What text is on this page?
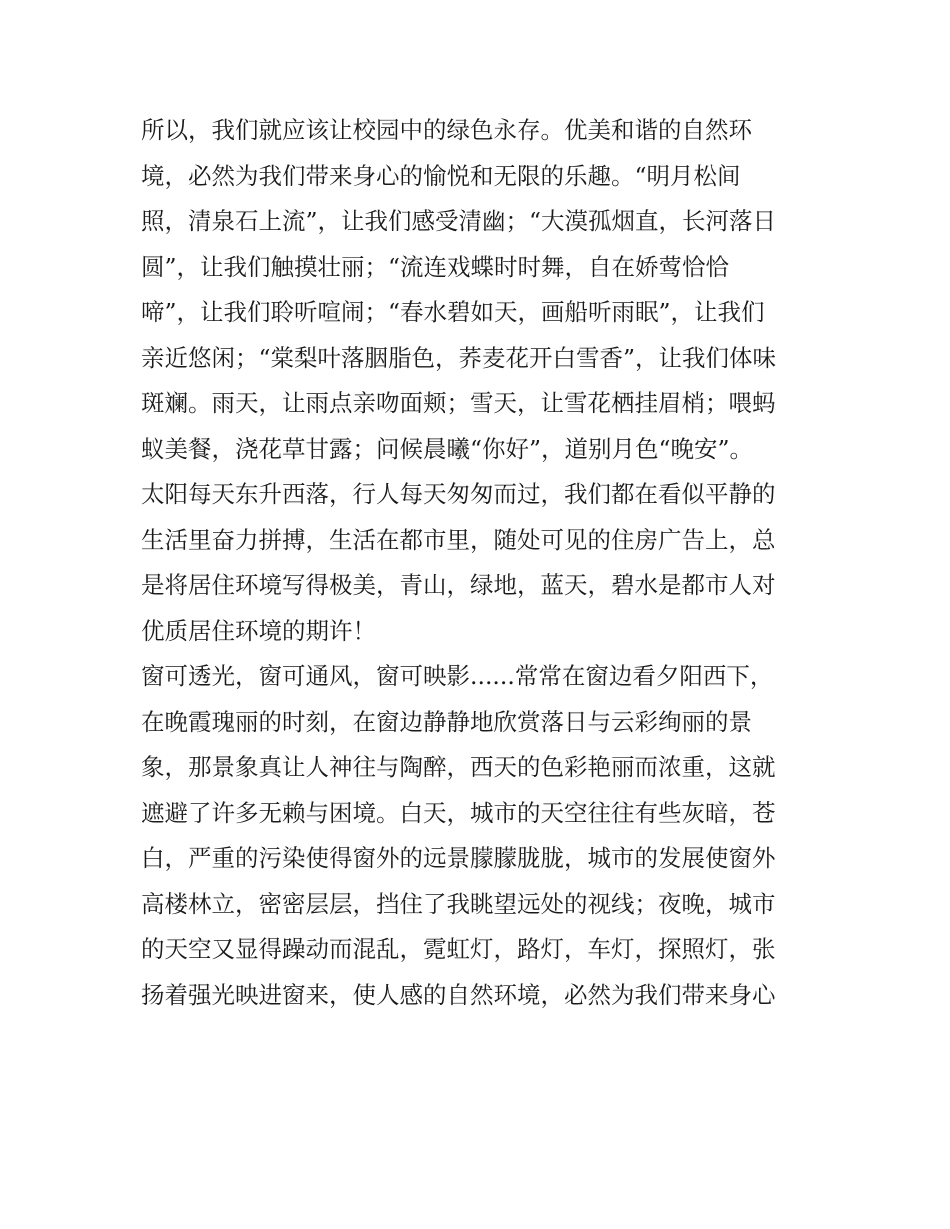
所以，我们就应该让校园中的绿色永存。优美和谐的自然环
境，必然为我们带来身心的愉悦和无限的乐趣。“明月松间
照，清泉石上流”，让我们感受清幽；“大漠孤烟直，长河落日
圆”，让我们触摸壮丽；“流连戏蝶时时舞，自在娇莺恰恰
啼”，让我们聆听喧闹；“春水碧如天，画船听雨眠”，让我们
亲近悠闲；“棠梨叶落胭脂色，荞麦花开白雪香”，让我们体味
斑斓。雨天，让雨点亲吻面颊；雪天，让雪花栖挂眉梢；喂蚂
蚁美餐，浇花草甘露；问候晨曦“你好”，道别月色“晚安”。
太阳每天东升西落，行人每天匆匆而过，我们都在看似平静的
生活里奋力拼搏，生活在都市里，随处可见的住房广告上，总
是将居住环境写得极美，青山，绿地，蓝天，碧水是都市人对
优质居住环境的期许！
窗可透光，窗可通风，窗可映影......常常在窗边看夕阳西下，
在晚霞瑰丽的时刻，在窗边静静地欣赏落日与云彩绚丽的景
象，那景象真让人神往与陶醉，西天的色彩艳丽而浓重，这就
遮避了许多无赖与困境。白天，城市的天空往往有些灰暗，苍
白，严重的污染使得窗外的远景朦朦胧胧，城市的发展使窗外
高楼林立，密密层层，挡住了我眺望远处的视线；夜晚，城市
的天空又显得躁动而混乱，霓虹灯，路灯，车灯，探照灯，张
扬着强光映进窗来，使人感的自然环境，必然为我们带来身心
